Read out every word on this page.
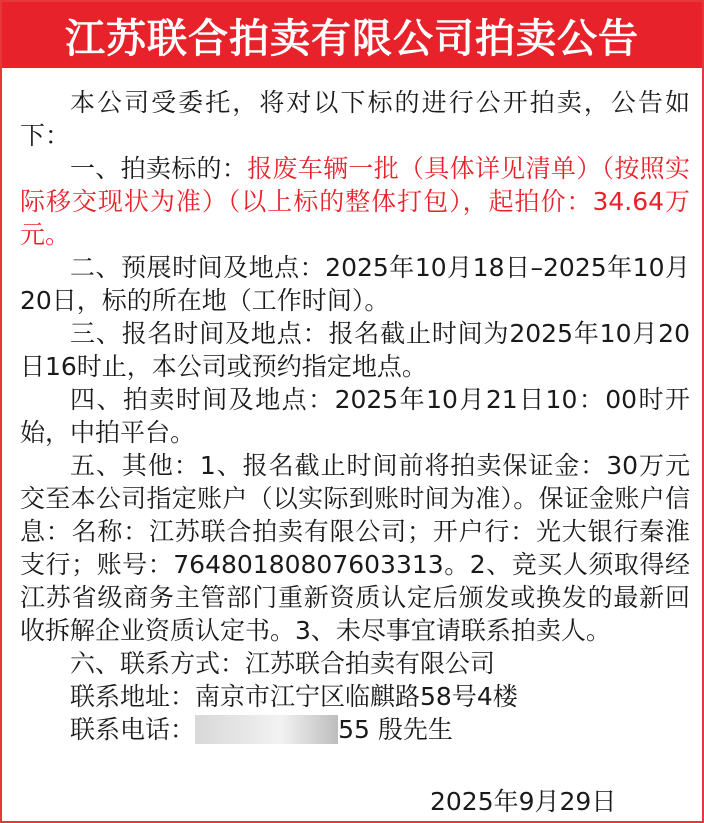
江苏联合拍卖有限公司拍卖公告

本公司受委托，将对以下标的进行公开拍卖，公告如下：

一、拍卖标的：报废车辆一批（具体详见清单）（按照实际移交现状为准）（以上标的整体打包），起拍价：34.64万元。

二、预展时间及地点：2025年10月18日–2025年10月20日，标的所在地（工作时间）。

三、报名时间及地点：报名截止时间为2025年10月20日16时止，本公司或预约指定地点。

四、拍卖时间及地点：2025年10月21日10：00时开始，中拍平台。

五、其他：1、报名截止时间前将拍卖保证金：30万元交至本公司指定账户（以实际到账时间为准）。保证金账户信息：名称：江苏联合拍卖有限公司；开户行：光大银行秦淮支行；账号：76480180807603313。2、竞买人须取得经江苏省级商务主管部门重新资质认定后颁发或换发的最新回收拆解企业资质认定书。3、未尽事宜请联系拍卖人。

六、联系方式：江苏联合拍卖有限公司

联系地址：南京市江宁区临麒路58号4楼

联系电话：	55 殷先生

2025年9月29日
